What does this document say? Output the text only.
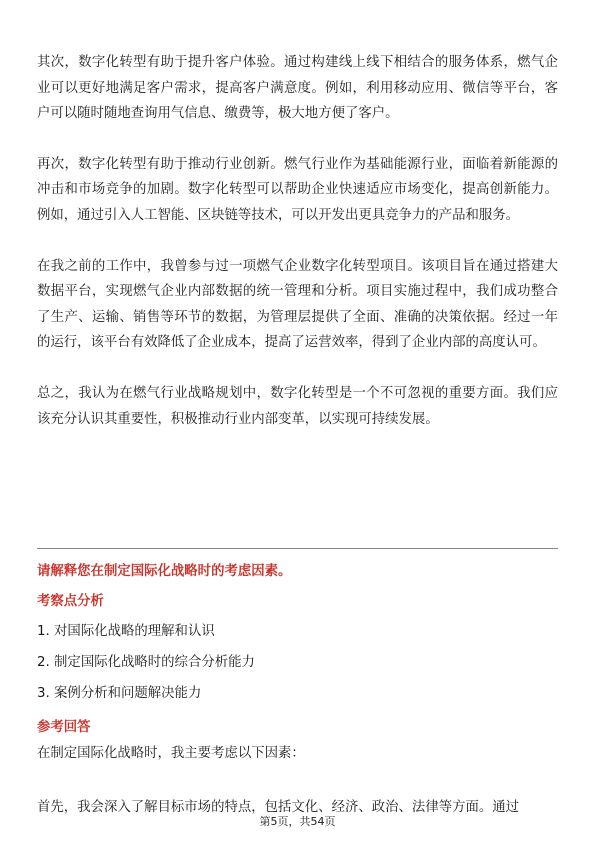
其次，数字化转型有助于提升客户体验。通过构建线上线下相结合的服务体系，燃气企业可以更好地满足客户需求，提高客户满意度。例如，利用移动应用、微信等平台，客户可以随时随地查询用气信息、缴费等，极大地方便了客户。

再次，数字化转型有助于推动行业创新。燃气行业作为基础能源行业，面临着新能源的冲击和市场竞争的加剧。数字化转型可以帮助企业快速适应市场变化，提高创新能力。例如，通过引入人工智能、区块链等技术，可以开发出更具竞争力的产品和服务。

在我之前的工作中，我曾参与过一项燃气企业数字化转型项目。该项目旨在通过搭建大数据平台，实现燃气企业内部数据的统一管理和分析。项目实施过程中，我们成功整合了生产、运输、销售等环节的数据，为管理层提供了全面、准确的决策依据。经过一年的运行，该平台有效降低了企业成本，提高了运营效率，得到了企业内部的高度认可。

总之，我认为在燃气行业战略规划中，数字化转型是一个不可忽视的重要方面。我们应该充分认识其重要性，积极推动行业内部变革，以实现可持续发展。

请解释您在制定国际化战略时的考虑因素。

考察点分析

1. 对国际化战略的理解和认识

2. 制定国际化战略时的综合分析能力

3. 案例分析和问题解决能力

参考回答

在制定国际化战略时，我主要考虑以下因素：

首先，我会深入了解目标市场的特点，包括文化、经济、政治、法律等方面。通过

第5页，共54页
